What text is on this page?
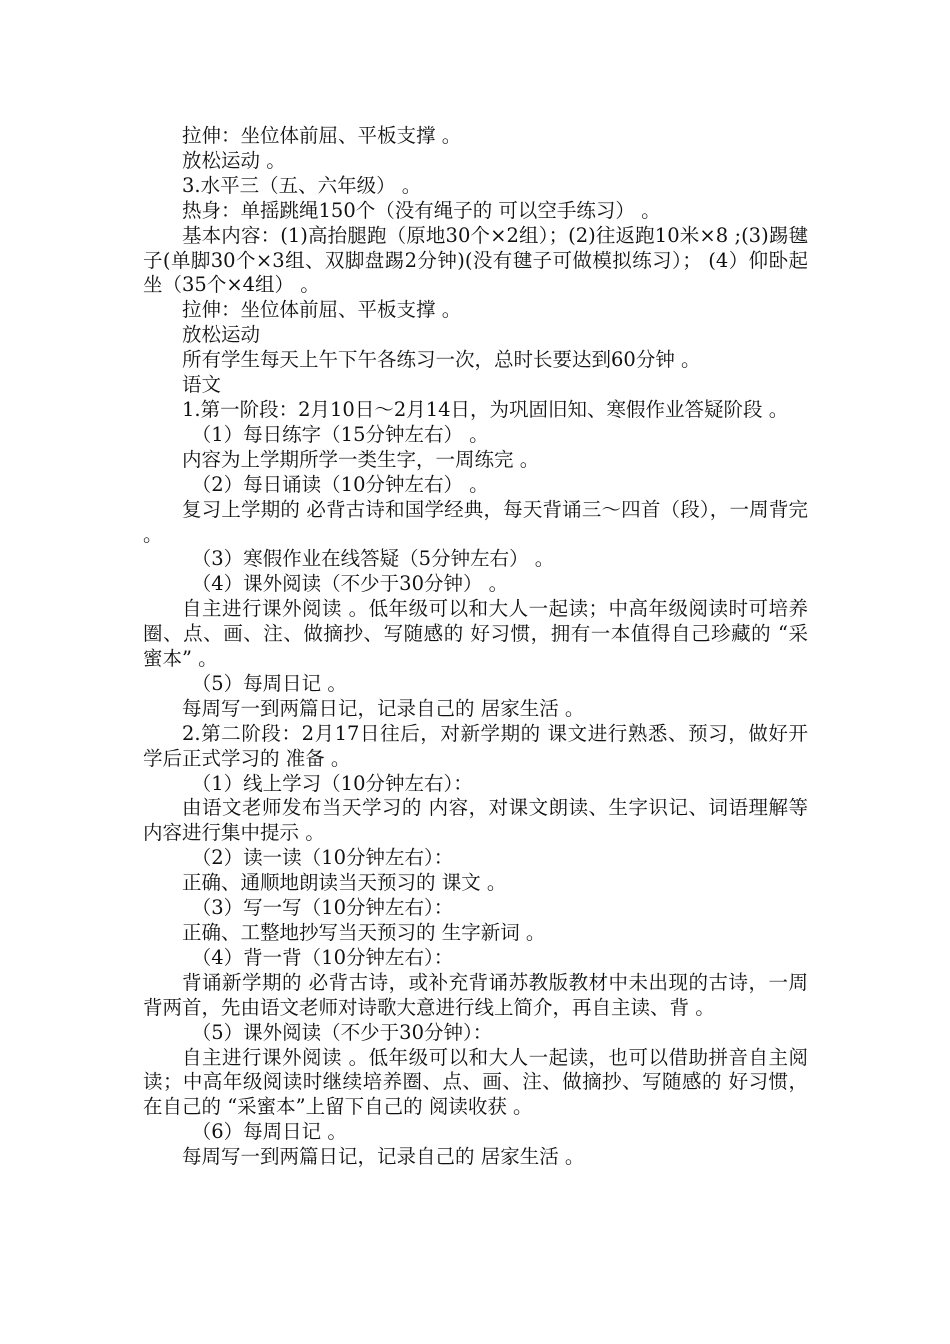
拉伸：坐位体前屈、平板支撑 。

放松运动 。

3.水平三（五、六年级） 。

热身：单摇跳绳150个（没有绳子的 可以空手练习） 。

基本内容：(1)高抬腿跑（原地30个×2组）；(2)往返跑10米×8 ;(3)踢毽子(单脚30个×3组、双脚盘踢2分钟)(没有毽子可做模拟练习）； (4）仰卧起坐（35个×4组） 。

拉伸：坐位体前屈、平板支撑 。

放松运动

所有学生每天上午下午各练习一次，总时长要达到60分钟 。

语文

1.第一阶段：2月10日～2月14日，为巩固旧知、寒假作业答疑阶段 。

（1）每日练字（15分钟左右） 。

内容为上学期所学一类生字，一周练完 。

（2）每日诵读（10分钟左右） 。

复习上学期的 必背古诗和国学经典，每天背诵三～四首（段），一周背完 。

（3）寒假作业在线答疑（5分钟左右） 。

（4）课外阅读（不少于30分钟） 。

自主进行课外阅读 。低年级可以和大人一起读；中高年级阅读时可培养圈、点、画、注、做摘抄、写随感的 好习惯，拥有一本值得自己珍藏的 “采蜜本” 。

（5）每周日记 。

每周写一到两篇日记，记录自己的 居家生活 。

2.第二阶段：2月17日往后，对新学期的 课文进行熟悉、预习，做好开学后正式学习的 准备 。

（1）线上学习（10分钟左右）：

由语文老师发布当天学习的 内容，对课文朗读、生字识记、词语理解等内容进行集中提示 。

（2）读一读（10分钟左右）：

正确、通顺地朗读当天预习的 课文 。

（3）写一写（10分钟左右）：

正确、工整地抄写当天预习的 生字新词 。

（4）背一背（10分钟左右）：

背诵新学期的 必背古诗，或补充背诵苏教版教材中未出现的古诗，一周背两首，先由语文老师对诗歌大意进行线上简介，再自主读、背 。

（5）课外阅读（不少于30分钟）：

自主进行课外阅读 。低年级可以和大人一起读，也可以借助拼音自主阅读；中高年级阅读时继续培养圈、点、画、注、做摘抄、写随感的 好习惯，在自己的 “采蜜本”上留下自己的 阅读收获 。

（6）每周日记 。

每周写一到两篇日记，记录自己的 居家生活 。
